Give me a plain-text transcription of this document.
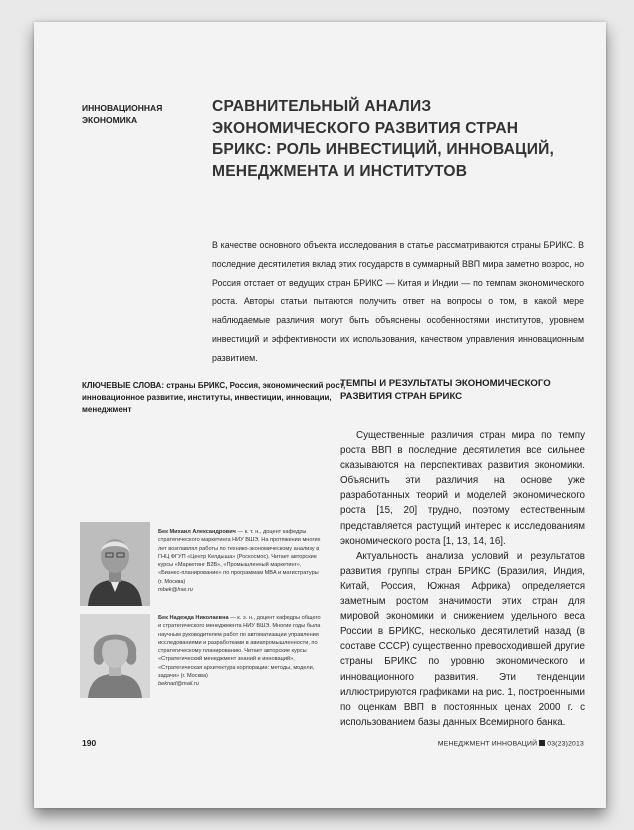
ИННОВАЦИОННАЯ ЭКОНОМИКА
СРАВНИТЕЛЬНЫЙ АНАЛИЗ ЭКОНОМИЧЕСКОГО РАЗВИТИЯ СТРАН БРИКС: РОЛЬ ИНВЕСТИЦИЙ, ИННОВАЦИЙ, МЕНЕДЖМЕНТА И ИНСТИТУТОВ
В качестве основного объекта исследования в статье рассматриваются страны БРИКС. В последние десятилетия вклад этих государств в суммарный ВВП мира заметно возрос, но Россия отстает от ведущих стран БРИКС — Китая и Индии — по темпам экономического роста. Авторы статьи пытаются получить ответ на вопросы о том, в какой мере наблюдаемые различия могут быть объяснены особенностями институтов, уровнем инвестиций и эффективности их использования, качеством управления инновационным развитием.
КЛЮЧЕВЫЕ СЛОВА: страны БРИКС, Россия, экономический рост, инновационное развитие, институты, инвестиции, инновации, менеджмент
ТЕМПЫ И РЕЗУЛЬТАТЫ ЭКОНОМИЧЕСКОГО РАЗВИТИЯ СТРАН БРИКС

Существенные различия стран мира по темпу роста ВВП в последние десятилетия все сильнее сказываются на перспективах развития экономики. Объяснить эти различия на основе уже разработанных теорий и моделей экономического роста [15, 20] трудно, поэтому естественным представляется растущий интерес к исследованиям экономического роста [1, 13, 14, 16].

Актуальность анализа условий и результатов развития группы стран БРИКС (Бразилия, Индия, Китай, Россия, Южная Африка) определяется заметным ростом значимости этих стран для мировой экономики и снижением удельного веса России в БРИКС, несколько десятилетий назад (в составе СССР) существенно превосходившей другие страны БРИКС по уровню экономического и инновационного развития. Эти тенденции иллюстрируются графиками на рис. 1, построенными по оценкам ВВП в постоянных ценах 2000 г. с использованием базы данных Всемирного банка.

Бек Михаил Александрович — к. т. н., доцент кафедры стратегического маркетинга НИУ ВШЭ. На протяжении многих лет возглавлял работы по технико-экономическому анализу в ГНЦ ФГУП «Центр Келдыша» (Роскосмос). Читает авторские курсы «Маркетинг B2B», «Промышленный маркетинг», «Бизнес-планирование» по программам MBA и магистратуры (г. Москва)
mbek@hse.ru
Бек Надежда Николаевна — к. э. н., доцент кафедры общего и стратегического менеджмента НИУ ВШЭ. Многие годы была научным руководителем работ по автоматизации управления исследованиями и разработками в авиапромышленности, по стратегическому планированию. Читает авторские курсы «Стратегический менеджмент знаний и инноваций», «Стратегическая архитектура корпорации: методы, модели, задачи» (г. Москва)
beknad@mail.ru
190	МЕНЕДЖМЕНТ ИННОВАЦИЙ 03(23)2013
